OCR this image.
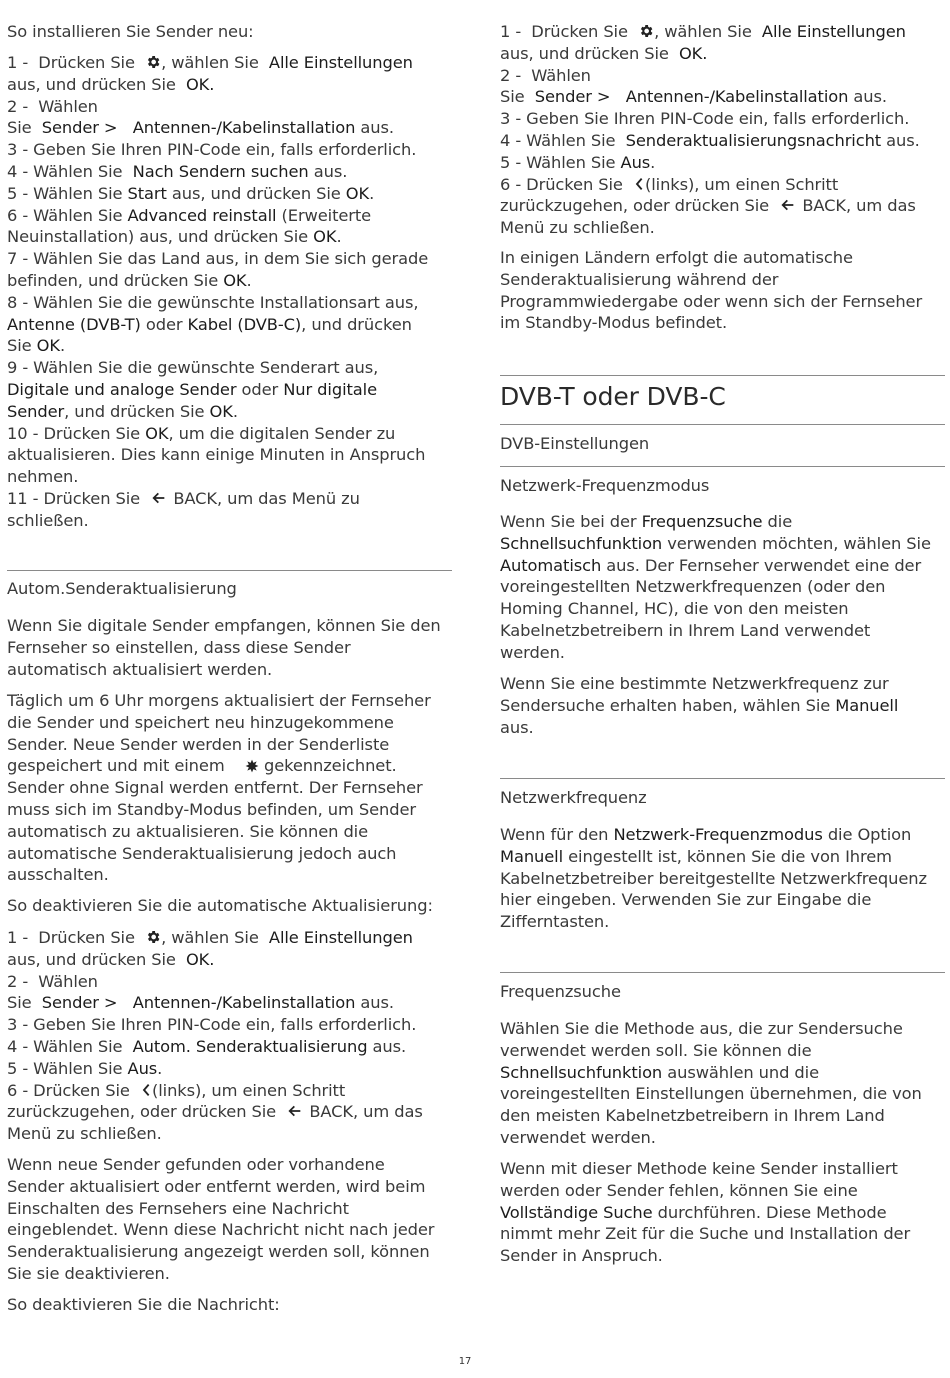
So installieren Sie Sender neu:

1 - Drücken Sie , wählen Sie Alle Einstellungen

aus, und drücken Sie OK.

2 - Wählen

Sie Sender > Antennen-/Kabelinstallation aus.

3 - Geben Sie Ihren PIN-Code ein, falls erforderlich.

4 - Wählen Sie Nach Sendern suchen aus.

5 - Wählen Sie Start aus, und drücken Sie OK.

6 - Wählen Sie Advanced reinstall (Erweiterte

Neuinstallation) aus, und drücken Sie OK.

7 - Wählen Sie das Land aus, in dem Sie sich gerade

befinden, und drücken Sie OK.

8 - Wählen Sie die gewünschte Installationsart aus,

Antenne (DVB-T) oder Kabel (DVB-C), und drücken

Sie OK.

9 - Wählen Sie die gewünschte Senderart aus,

Digitale und analoge Sender oder Nur digitale

Sender, und drücken Sie OK.

10 - Drücken Sie OK, um die digitalen Sender zu

aktualisieren. Dies kann einige Minuten in Anspruch

nehmen.

11 - Drücken Sie BACK, um das Menü zu

schließen.

Autom.Senderaktualisierung

Wenn Sie digitale Sender empfangen, können Sie den

Fernseher so einstellen, dass diese Sender

automatisch aktualisiert werden.

Täglich um 6 Uhr morgens aktualisiert der Fernseher

die Sender und speichert neu hinzugekommene

Sender. Neue Sender werden in der Senderliste

gespeichert und mit einem gekennzeichnet.

Sender ohne Signal werden entfernt. Der Fernseher

muss sich im Standby-Modus befinden, um Sender

automatisch zu aktualisieren. Sie können die

automatische Senderaktualisierung jedoch auch

ausschalten.

So deaktivieren Sie die automatische Aktualisierung:

1 - Drücken Sie , wählen Sie Alle Einstellungen

aus, und drücken Sie OK.

2 - Wählen

Sie Sender > Antennen-/Kabelinstallation aus.

3 - Geben Sie Ihren PIN-Code ein, falls erforderlich.

4 - Wählen Sie Autom. Senderaktualisierung aus.

5 - Wählen Sie Aus.

6 - Drücken Sie (links), um einen Schritt

zurückzugehen, oder drücken Sie BACK, um das

Menü zu schließen.

Wenn neue Sender gefunden oder vorhandene

Sender aktualisiert oder entfernt werden, wird beim

Einschalten des Fernsehers eine Nachricht

eingeblendet. Wenn diese Nachricht nicht nach jeder

Senderaktualisierung angezeigt werden soll, können

Sie sie deaktivieren.

So deaktivieren Sie die Nachricht:

1 - Drücken Sie , wählen Sie Alle Einstellungen

aus, und drücken Sie OK.

2 - Wählen

Sie Sender > Antennen-/Kabelinstallation aus.

3 - Geben Sie Ihren PIN-Code ein, falls erforderlich.

4 - Wählen Sie Senderaktualisierungsnachricht aus.

5 - Wählen Sie Aus.

6 - Drücken Sie (links), um einen Schritt

zurückzugehen, oder drücken Sie BACK, um das

Menü zu schließen.

In einigen Ländern erfolgt die automatische

Senderaktualisierung während der

Programmwiedergabe oder wenn sich der Fernseher

im Standby-Modus befindet.

DVB-T oder DVB-C

DVB-Einstellungen

Netzwerk-Frequenzmodus

Wenn Sie bei der Frequenzsuche die

Schnellsuchfunktion verwenden möchten, wählen Sie

Automatisch aus. Der Fernseher verwendet eine der

voreingestellten Netzwerkfrequenzen (oder den

Homing Channel, HC), die von den meisten

Kabelnetzbetreibern in Ihrem Land verwendet

werden.

Wenn Sie eine bestimmte Netzwerkfrequenz zur

Sendersuche erhalten haben, wählen Sie Manuell

aus.

Netzwerkfrequenz

Wenn für den Netzwerk-Frequenzmodus die Option

Manuell eingestellt ist, können Sie die von Ihrem

Kabelnetzbetreiber bereitgestellte Netzwerkfrequenz

hier eingeben. Verwenden Sie zur Eingabe die

Zifferntasten.

Frequenzsuche

Wählen Sie die Methode aus, die zur Sendersuche

verwendet werden soll. Sie können die

Schnellsuchfunktion auswählen und die

voreingestellten Einstellungen übernehmen, die von

den meisten Kabelnetzbetreibern in Ihrem Land

verwendet werden.

Wenn mit dieser Methode keine Sender installiert

werden oder Sender fehlen, können Sie eine

Vollständige Suche durchführen. Diese Methode

nimmt mehr Zeit für die Suche und Installation der

Sender in Anspruch.

17
